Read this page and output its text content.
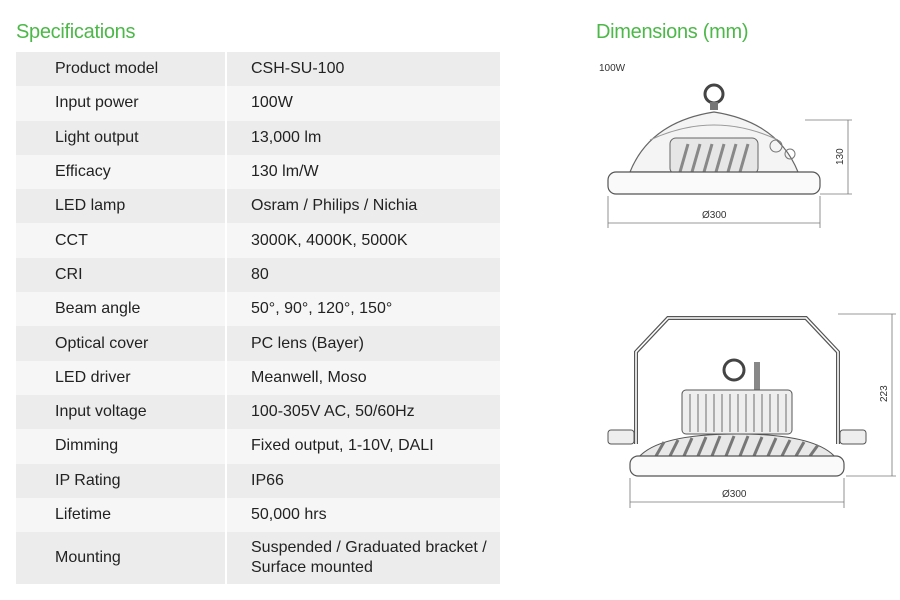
Specifications
Product model	CSH-SU-100
Input power	100W
Light output	13,000 lm
Efficacy	130 lm/W
LED lamp	Osram / Philips / Nichia
CCT	3000K, 4000K, 5000K
CRI	80
Beam angle	50°, 90°, 120°, 150°
Optical cover	PC lens (Bayer)
LED driver	Meanwell, Moso
Input voltage	100-305V AC, 50/60Hz
Dimming	Fixed output, 1-10V, DALI
IP Rating	IP66
Lifetime	50,000 hrs
Mounting	Suspended / Graduated bracket /
Surface mounted
Dimensions (mm)
100W
Ø300
130
Ø300
223
